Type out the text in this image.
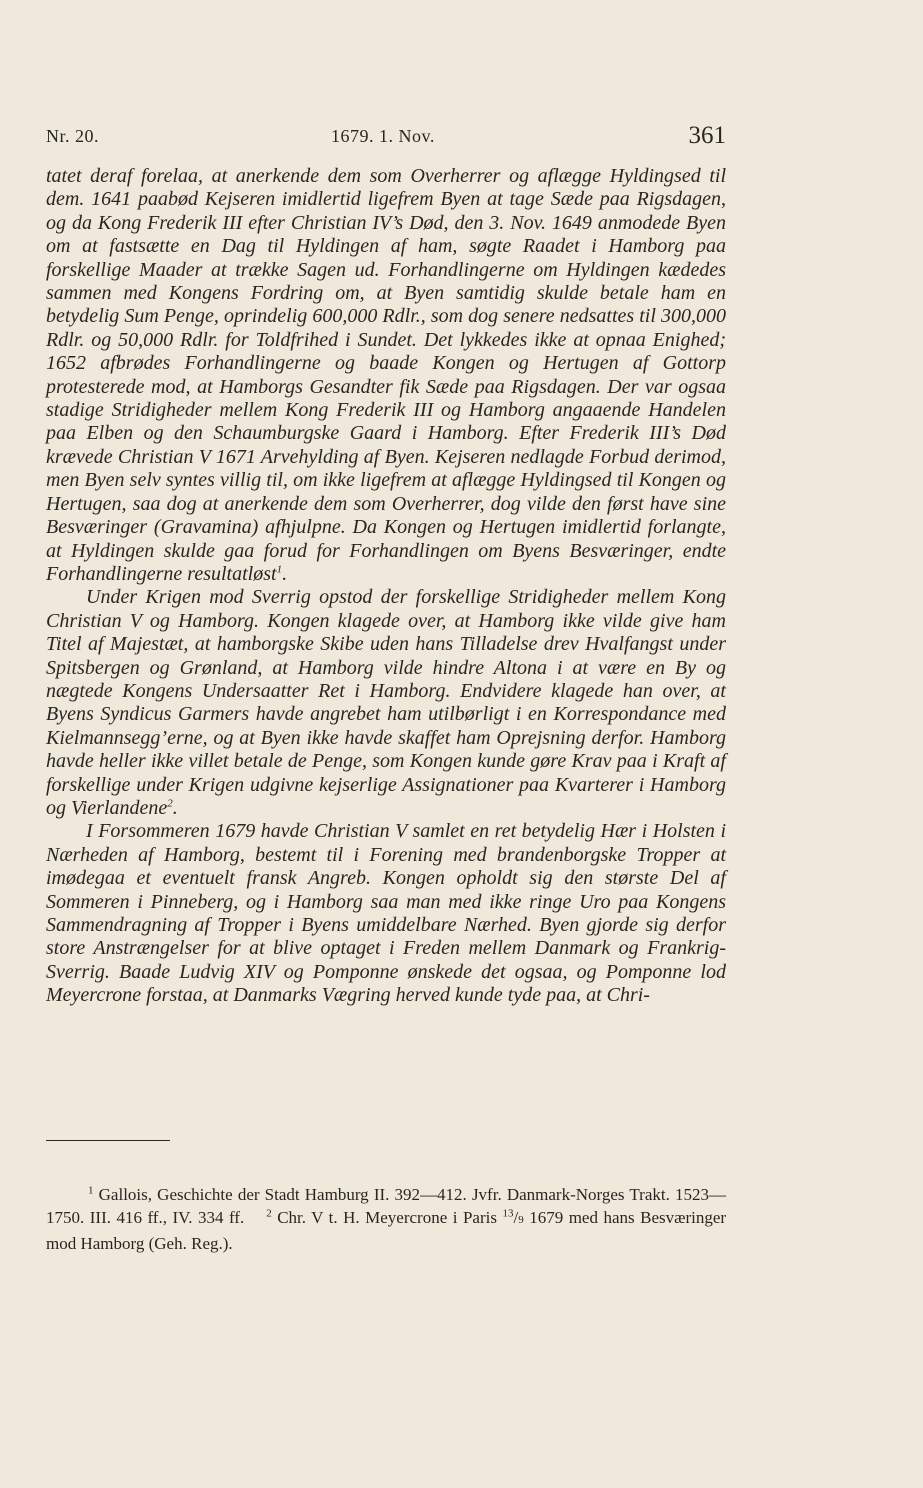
Nr. 20.	1679. 1. Nov.	361

tatet deraf forelaa, at anerkende dem som Overherrer og aflægge Hyldingsed til dem. 1641 paabød Kejseren imidlertid ligefrem Byen at tage Sæde paa Rigsdagen, og da Kong Frederik III efter Christian IV’s Død, den 3. Nov. 1649 anmodede Byen om at fastsætte en Dag til Hyldingen af ham, søgte Raadet i Hamborg paa forskellige Maader at trække Sagen ud. Forhandlingerne om Hyldingen kædedes sammen med Kongens Fordring om, at Byen samtidig skulde betale ham en betydelig Sum Penge, oprindelig 600,000 Rdlr., som dog senere nedsattes til 300,000 Rdlr. og 50,000 Rdlr. for Toldfrihed i Sundet. Det lykkedes ikke at opnaa Enighed; 1652 afbrødes Forhandlingerne og baade Kongen og Hertugen af Gottorp protesterede mod, at Hamborgs Gesandter fik Sæde paa Rigsdagen. Der var ogsaa stadige Stridigheder mellem Kong Frederik III og Hamborg angaaende Handelen paa Elben og den Schaumburgske Gaard i Hamborg. Efter Frederik III’s Død krævede Christian V 1671 Arvehylding af Byen. Kejseren nedlagde Forbud derimod, men Byen selv syntes villig til, om ikke ligefrem at aflægge Hyldingsed til Kongen og Hertugen, saa dog at anerkende dem som Overherrer, dog vilde den først have sine Besværinger (Gravamina) afhjulpne. Da Kongen og Hertugen imidlertid forlangte, at Hyldingen skulde gaa forud for Forhandlingen om Byens Besværinger, endte Forhandlingerne resultatløst$^1$.

Under Krigen mod Sverrig opstod der forskellige Stridigheder mellem Kong Christian V og Hamborg. Kongen klagede over, at Hamborg ikke vilde give ham Titel af Majestæt, at hamborgske Skibe uden hans Tilladelse drev Hvalfangst under Spitsbergen og Grønland, at Hamborg vilde hindre Altona i at være en By og nægtede Kongens Undersaatter Ret i Hamborg. Endvidere klagede han over, at Byens Syndicus Garmers havde angrebet ham utilbørligt i en Korrespondance med Kielmannsegg’erne, og at Byen ikke havde skaffet ham Oprejsning derfor. Hamborg havde heller ikke villet betale de Penge, som Kongen kunde gøre Krav paa i Kraft af forskellige under Krigen udgivne kejserlige Assignationer paa Kvarterer i Hamborg og Vierlandene$^2$.

I Forsommeren 1679 havde Christian V samlet en ret betydelig Hær i Holsten i Nærheden af Hamborg, bestemt til i Forening med brandenborgske Tropper at imødegaa et eventuelt fransk Angreb. Kongen opholdt sig den største Del af Sommeren i Pinneberg, og i Hamborg saa man med ikke ringe Uro paa Kongens Sammendragning af Tropper i Byens umiddelbare Nærhed. Byen gjorde sig derfor store Anstrængelser for at blive optaget i Freden mellem Danmark og Frankrig-Sverrig. Baade Ludvig XIV og Pomponne ønskede det ogsaa, og Pomponne lod Meyercrone forstaa, at Danmarks Vægring herved kunde tyde paa, at Chri-

$^1$ Gallois, Geschichte der Stadt Hamburg II. 392—412. Jvfr. Danmark-Norges Trakt. 1523—1750. III. 416 ff., IV. 334 ff. $^2$ Chr. V t. H. Meyercrone i Paris $^{13}$/9 1679 med hans Besværinger mod Hamborg (Geh. Reg.).
